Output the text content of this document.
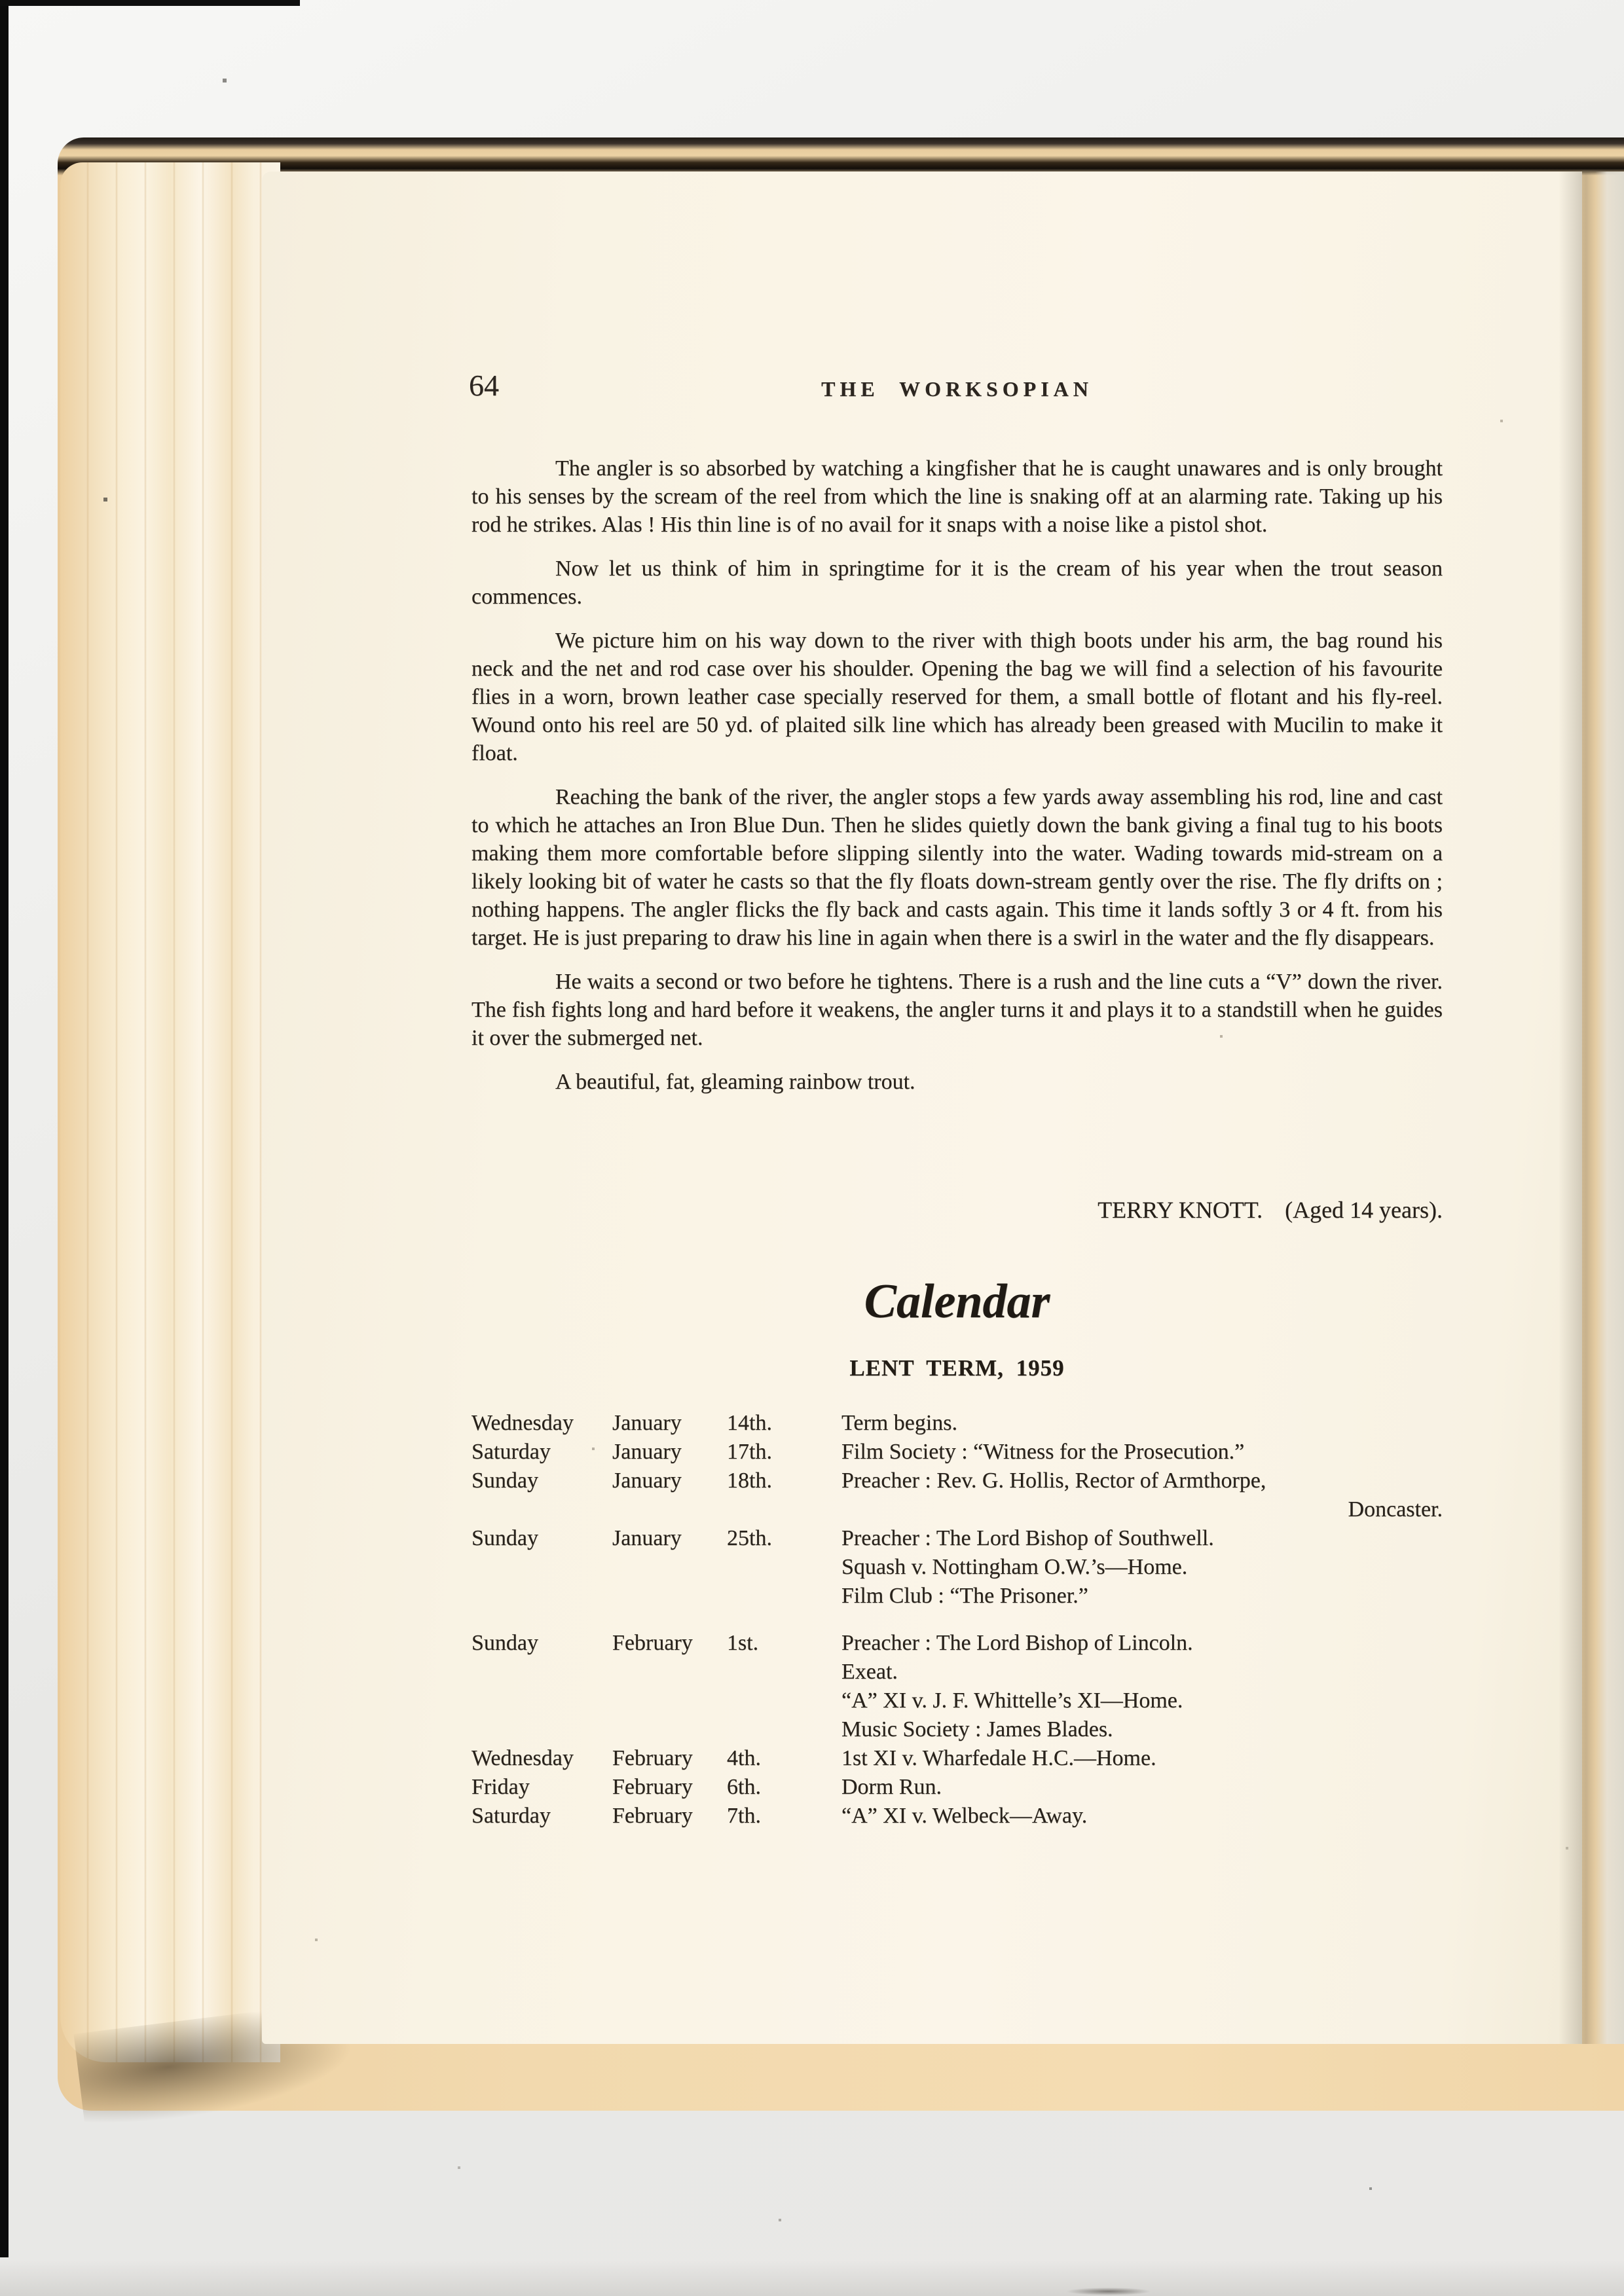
64	THE WORKSOPIAN

The angler is so absorbed by watching a kingfisher that he is caught unawares and is only brought to his senses by the scream of the reel from which the line is snaking off at an alarming rate. Taking up his rod he strikes. Alas ! His thin line is of no avail for it snaps with a noise like a pistol shot.

Now let us think of him in springtime for it is the cream of his year when the trout season commences.

We picture him on his way down to the river with thigh boots under his arm, the bag round his neck and the net and rod case over his shoulder. Opening the bag we will find a selection of his favourite flies in a worn, brown leather case specially reserved for them, a small bottle of flotant and his fly-reel. Wound onto his reel are 50 yd. of plaited silk line which has already been greased with Mucilin to make it float.

Reaching the bank of the river, the angler stops a few yards away assembling his rod, line and cast to which he attaches an Iron Blue Dun. Then he slides quietly down the bank giving a final tug to his boots making them more comfortable before slipping silently into the water. Wading towards mid-stream on a likely looking bit of water he casts so that the fly floats down-stream gently over the rise. The fly drifts on ; nothing happens. The angler flicks the fly back and casts again. This time it lands softly 3 or 4 ft. from his target. He is just preparing to draw his line in again when there is a swirl in the water and the fly disappears.

He waits a second or two before he tightens. There is a rush and the line cuts a “V” down the river. The fish fights long and hard before it weakens, the angler turns it and plays it to a standstill when he guides it over the submerged net.

A beautiful, fat, gleaming rainbow trout.

TERRY KNOTT. (Aged 14 years).
Calendar
LENT TERM, 1959
Wednesday	January	14th.	Term begins.
Saturday	January	17th.	Film Society : “Witness for the Prosecution.”
Sunday	January	18th.	Preacher : Rev. G. Hollis, Rector of Armthorpe,
Doncaster.
Sunday	January	25th.	Preacher : The Lord Bishop of Southwell.
Squash v. Nottingham O.W.’s—Home.
Film Club : “The Prisoner.”
Sunday	February	1st.	Preacher : The Lord Bishop of Lincoln.
Exeat.
“A” XI v. J. F. Whittelle’s XI—Home.
Music Society : James Blades.
Wednesday	February	4th.	1st XI v. Wharfedale H.C.—Home.
Friday	February	6th.	Dorm Run.
Saturday	February	7th.	“A” XI v. Welbeck—Away.
